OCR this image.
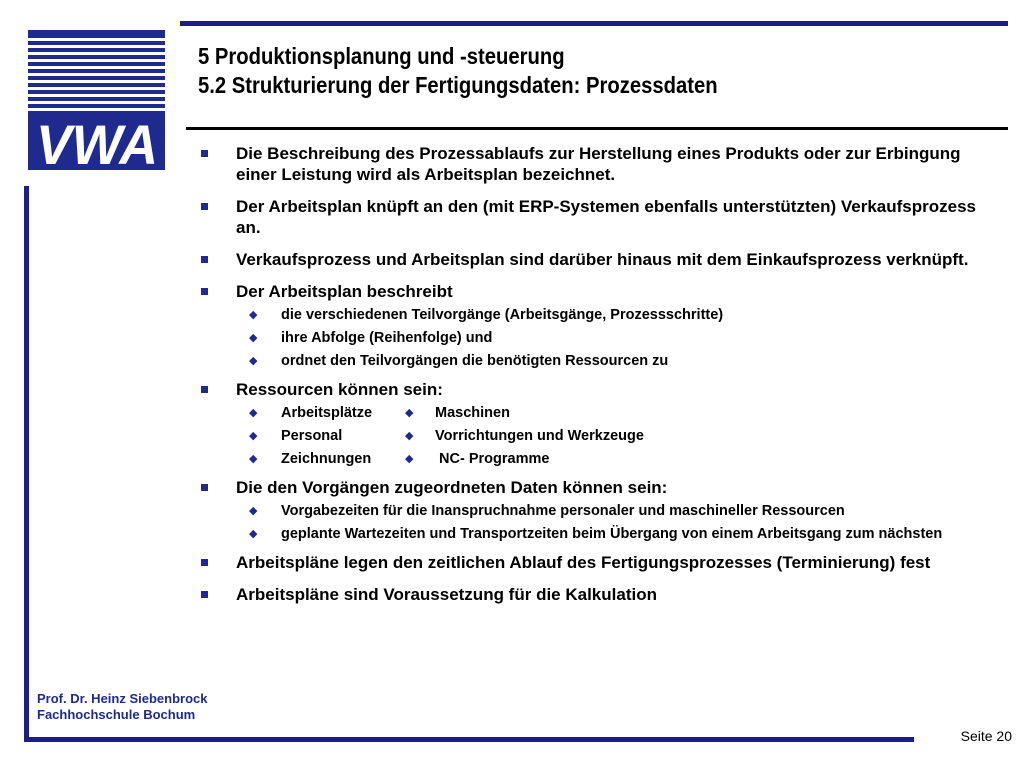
VWA
5 Produktionsplanung und -steuerung
5.2 Strukturierung der Fertigungsdaten: Prozessdaten
Die Beschreibung des Prozessablaufs zur Herstellung eines Produkts oder zur Erbingung einer Leistung wird als Arbeitsplan bezeichnet.
Der Arbeitsplan knüpft an den (mit ERP-Systemen ebenfalls unterstützten) Verkaufsprozess an.
Verkaufsprozess und Arbeitsplan sind darüber hinaus mit dem Einkaufsprozess verknüpft.
Der Arbeitsplan beschreibt
◆ die verschiedenen Teilvorgänge (Arbeitsgänge, Prozessschritte)
◆ ihre Abfolge (Reihenfolge) und
◆ ordnet den Teilvorgängen die benötigten Ressourcen zu
Ressourcen können sein:
◆ Arbeitsplätze	◆ Maschinen
◆ Personal	◆ Vorrichtungen und Werkzeuge
◆ Zeichnungen	◆ NC- Programme
Die den Vorgängen zugeordneten Daten können sein:
◆ Vorgabezeiten für die Inanspruchnahme personaler und maschineller Ressourcen
◆ geplante Wartezeiten und Transportzeiten beim Übergang von einem Arbeitsgang zum nächsten
Arbeitspläne legen den zeitlichen Ablauf des Fertigungsprozesses (Terminierung) fest
Arbeitspläne sind Voraussetzung für die Kalkulation
Prof. Dr. Heinz Siebenbrock
Fachhochschule Bochum
Seite 20
